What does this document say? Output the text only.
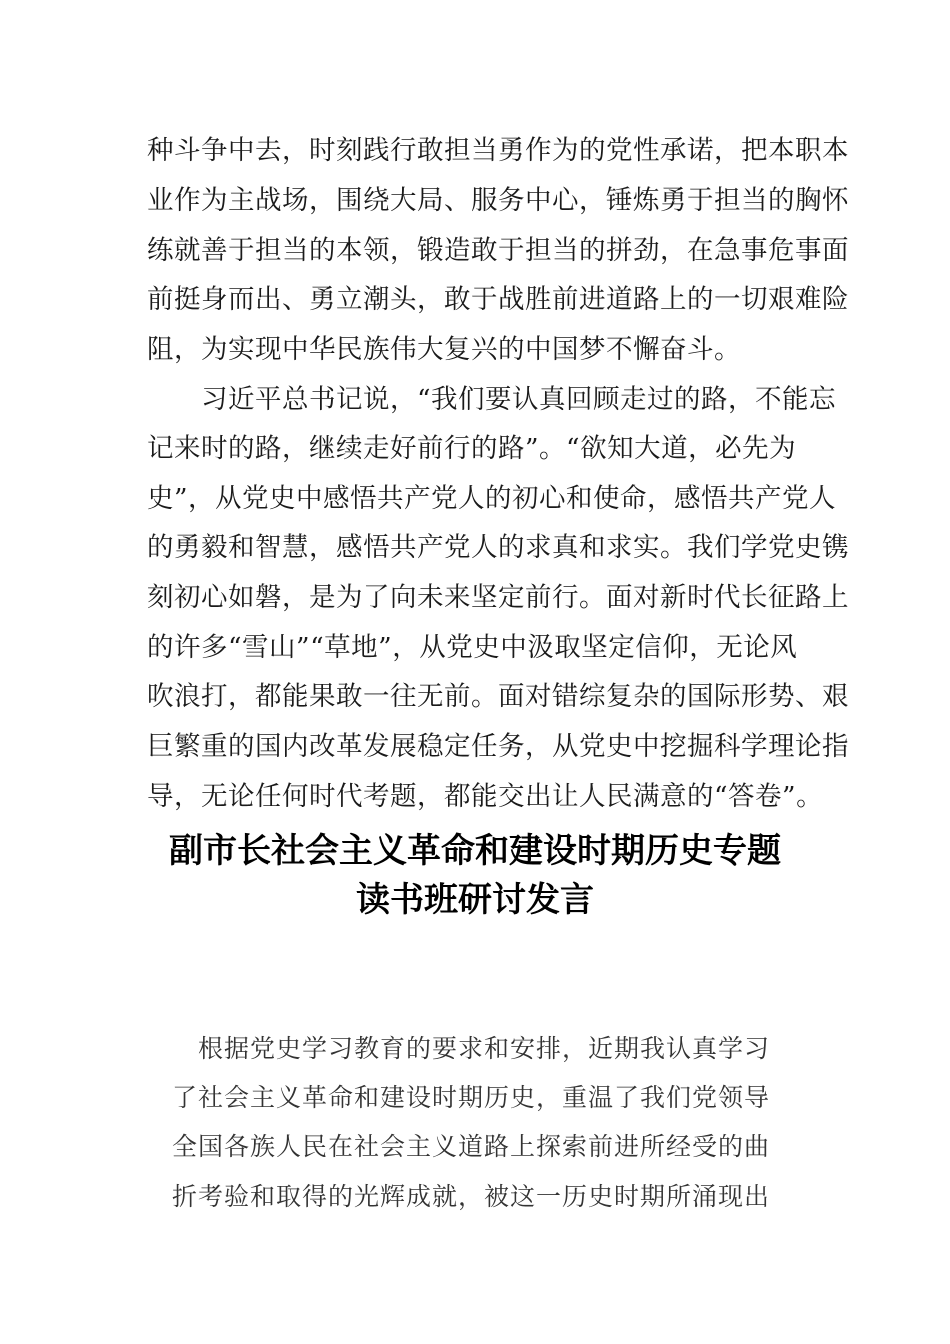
种斗争中去，时刻践行敢担当勇作为的党性承诺，把本职本
业作为主战场，围绕大局、服务中心，锤炼勇于担当的胸怀
练就善于担当的本领，锻造敢于担当的拼劲，在急事危事面
前挺身而出、勇立潮头，敢于战胜前进道路上的一切艰难险
阻，为实现中华民族伟大复兴的中国梦不懈奋斗。
　　习近平总书记说，“我们要认真回顾走过的路，不能忘
记来时的路，继续走好前行的路”。“欲知大道，必先为
史”，从党史中感悟共产党人的初心和使命，感悟共产党人
的勇毅和智慧，感悟共产党人的求真和求实。我们学党史镌
刻初心如磐，是为了向未来坚定前行。面对新时代长征路上
的许多“雪山”“草地”，从党史中汲取坚定信仰，无论风
吹浪打，都能果敢一往无前。面对错综复杂的国际形势、艰
巨繁重的国内改革发展稳定任务，从党史中挖掘科学理论指
导，无论任何时代考题，都能交出让人民满意的“答卷”。
副市长社会主义革命和建设时期历史专题
读书班研讨发言
　根据党史学习教育的要求和安排，近期我认真学习
了社会主义革命和建设时期历史，重温了我们党领导
全国各族人民在社会主义道路上探索前进所经受的曲
折考验和取得的光辉成就，被这一历史时期所涌现出
